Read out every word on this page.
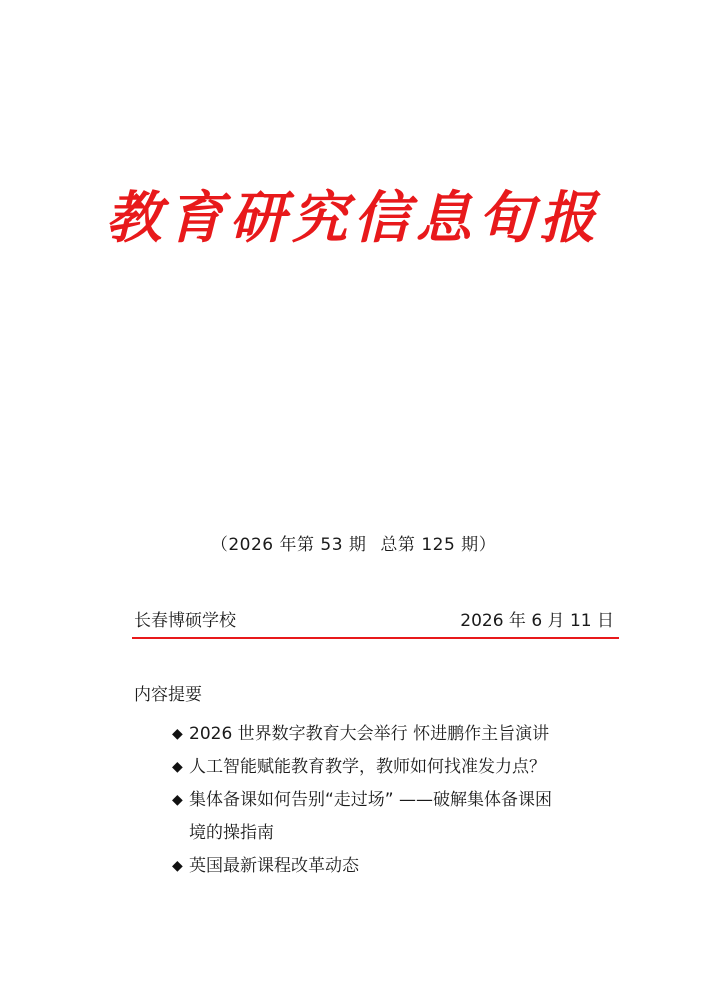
教育研究信息旬报
（2026 年第 53 期 总第 125 期）
长春博硕学校	2026 年 6 月 11 日
内容提要
◆ 2026 世界数字教育大会举行 怀进鹏作主旨演讲
◆ 人工智能赋能教育教学，教师如何找准发力点？
◆ 集体备课如何告别“走过场” ——破解集体备课困
境的操指南
◆ 英国最新课程改革动态
